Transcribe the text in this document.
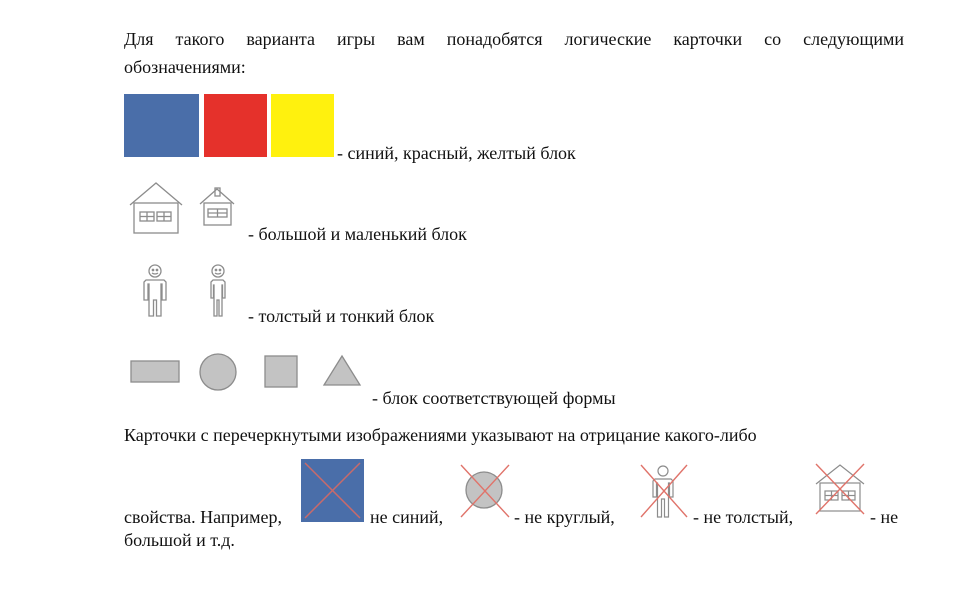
Для такого варианта игры вам понадобятся логические карточки со следующими
обозначениями:
- синий, красный, желтый блок
- большой и маленький блок
- толстый и тонкий блок
- блок соответствующей формы
Карточки с перечеркнутыми изображениями указывают на отрицание какого-либо
свойства. Например,	не синий,	- не круглый,	- не толстый,	- не
большой и т.д.
